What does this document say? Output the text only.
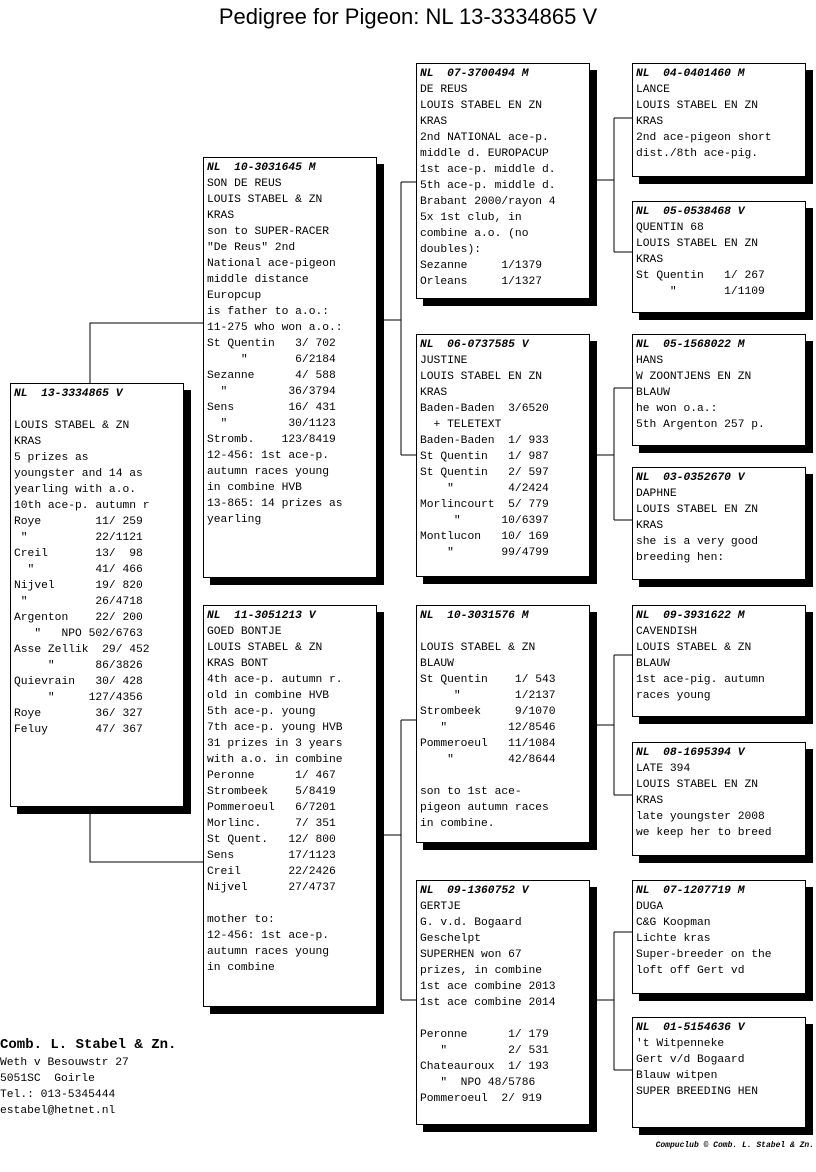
Pedigree for Pigeon: NL 13-3334865 V
NL  13-3334865 V
LOUIS STABEL & ZN
KRAS
5 prizes as
youngster and 14 as
yearling with a.o.
10th ace-p. autumn r
Roye        11/ 259
"          22/1121
Creil       13/  98
"         41/ 466
Nijvel      19/ 820
"          26/4718
Argenton    22/ 200
"   NPO 502/6763
Asse Zellik  29/ 452
"      86/3826
Quievrain   30/ 428
"     127/4356
Roye        36/ 327
Feluy       47/ 367
NL  10-3031645 M
SON DE REUS
LOUIS STABEL & ZN
KRAS
son to SUPER-RACER
"De Reus" 2nd
National ace-pigeon
middle distance
Europcup
is father to a.o.:
11-275 who won a.o.:
St Quentin   3/ 702
"       6/2184
Sezanne      4/ 588
"         36/3794
Sens        16/ 431
"         30/1123
Stromb.    123/8419
12-456: 1st ace-p.
autumn races young
in combine HVB
13-865: 14 prizes as
yearling
NL  11-3051213 V
GOED BONTJE
LOUIS STABEL & ZN
KRAS BONT
4th ace-p. autumn r.
old in combine HVB
5th ace-p. young
7th ace-p. young HVB
31 prizes in 3 years
with a.o. in combine
Peronne      1/ 467
Strombeek    5/8419
Pommeroeul   6/7201
Morlinc.     7/ 351
St Quent.   12/ 800
Sens        17/1123
Creil       22/2426
Nijvel      27/4737
mother to:
12-456: 1st ace-p.
autumn races young
in combine
NL  07-3700494 M
DE REUS
LOUIS STABEL EN ZN
KRAS
2nd NATIONAL ace-p.
middle d. EUROPACUP
1st ace-p. middle d.
5th ace-p. middle d.
Brabant 2000/rayon 4
5x 1st club, in
combine a.o. (no
doubles):
Sezanne     1/1379
Orleans     1/1327
NL  06-0737585 V
JUSTINE
LOUIS STABEL EN ZN
KRAS
Baden-Baden  3/6520
+ TELETEXT
Baden-Baden  1/ 933
St Quentin   1/ 987
St Quentin   2/ 597
"        4/2424
Morlincourt  5/ 779
"      10/6397
Montlucon   10/ 169
"       99/4799
NL  10-3031576 M
LOUIS STABEL & ZN
BLAUW
St Quentin    1/ 543
"        1/2137
Strombeek     9/1070
"         12/8546
Pommeroeul   11/1084
"        42/8644
son to 1st ace-
pigeon autumn races
in combine.
NL  09-1360752 V
GERTJE
G. v.d. Bogaard
Geschelpt
SUPERHEN won 67
prizes, in combine
1st ace combine 2013
1st ace combine 2014
Peronne      1/ 179
"         2/ 531
Chateauroux  1/ 193
"  NPO 48/5786
Pommeroeul  2/ 919
NL  04-0401460 M
LANCE
LOUIS STABEL EN ZN
KRAS
2nd ace-pigeon short
dist./8th ace-pig.
NL  05-0538468 V
QUENTIN 68
LOUIS STABEL EN ZN
KRAS
St Quentin   1/ 267
"       1/1109
NL  05-1568022 M
HANS
W ZOONTJENS EN ZN
BLAUW
he won o.a.:
5th Argenton 257 p.
NL  03-0352670 V
DAPHNE
LOUIS STABEL EN ZN
KRAS
she is a very good
breeding hen:
NL  09-3931622 M
CAVENDISH
LOUIS STABEL & ZN
BLAUW
1st ace-pig. autumn
races young
NL  08-1695394 V
LATE 394
LOUIS STABEL EN ZN
KRAS
late youngster 2008
we keep her to breed
NL  07-1207719 M
DUGA
C&G Koopman
Lichte kras
Super-breeder on the
loft off Gert vd
NL  01-5154636 V
't Witpenneke
Gert v/d Bogaard
Blauw witpen
SUPER BREEDING HEN
Comb. L. Stabel & Zn.
Weth v Besouwstr 27
5051SC  Goirle
Tel.: 013-5345444
estabel@hetnet.nl
Compuclub © Comb. L. Stabel & Zn.
